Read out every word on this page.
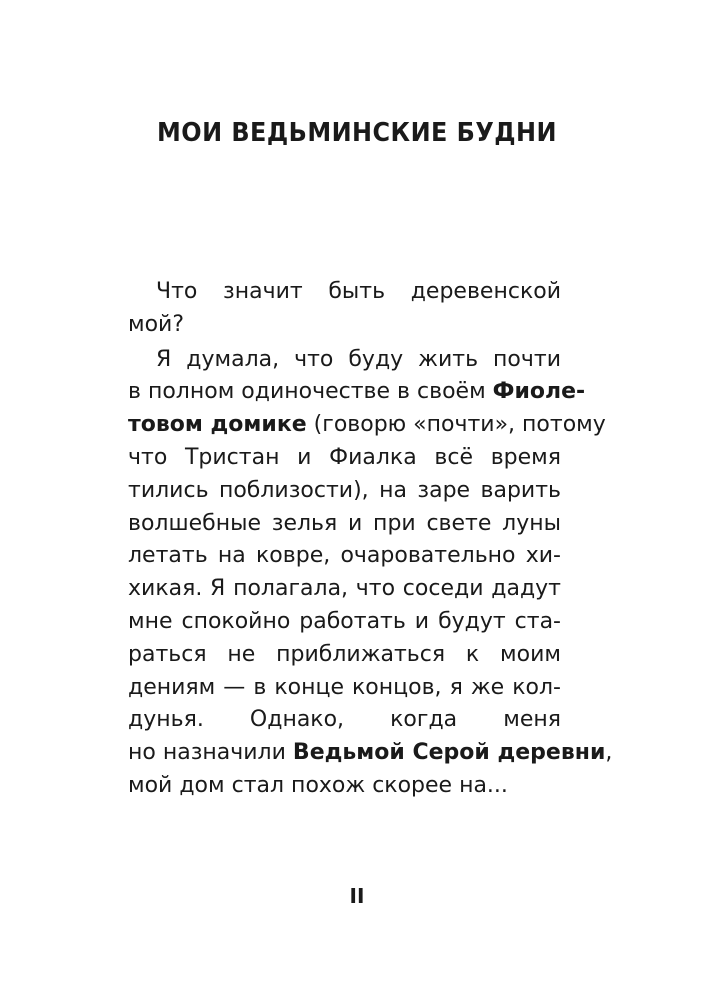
МОИ ВЕДЬМИНСКИЕ БУДНИ
Что значит быть деревенской
мой?
Я думала, что буду жить почти
в полном одиночестве в своём Фиоле-
товом домике (говорю «почти», потому
что Тристан и Фиалка всё время
тились поблизости), на заре варить
волшебные зелья и при свете луны
летать на ковре, очаровательно хи-
хикая. Я полагала, что соседи дадут
мне спокойно работать и будут ста-
раться не приближаться к моим
дениям — в конце концов, я же кол-
дунья. Однако, когда меня
но назначили Ведьмой Серой деревни,
мой дом стал похож скорее на...
II
